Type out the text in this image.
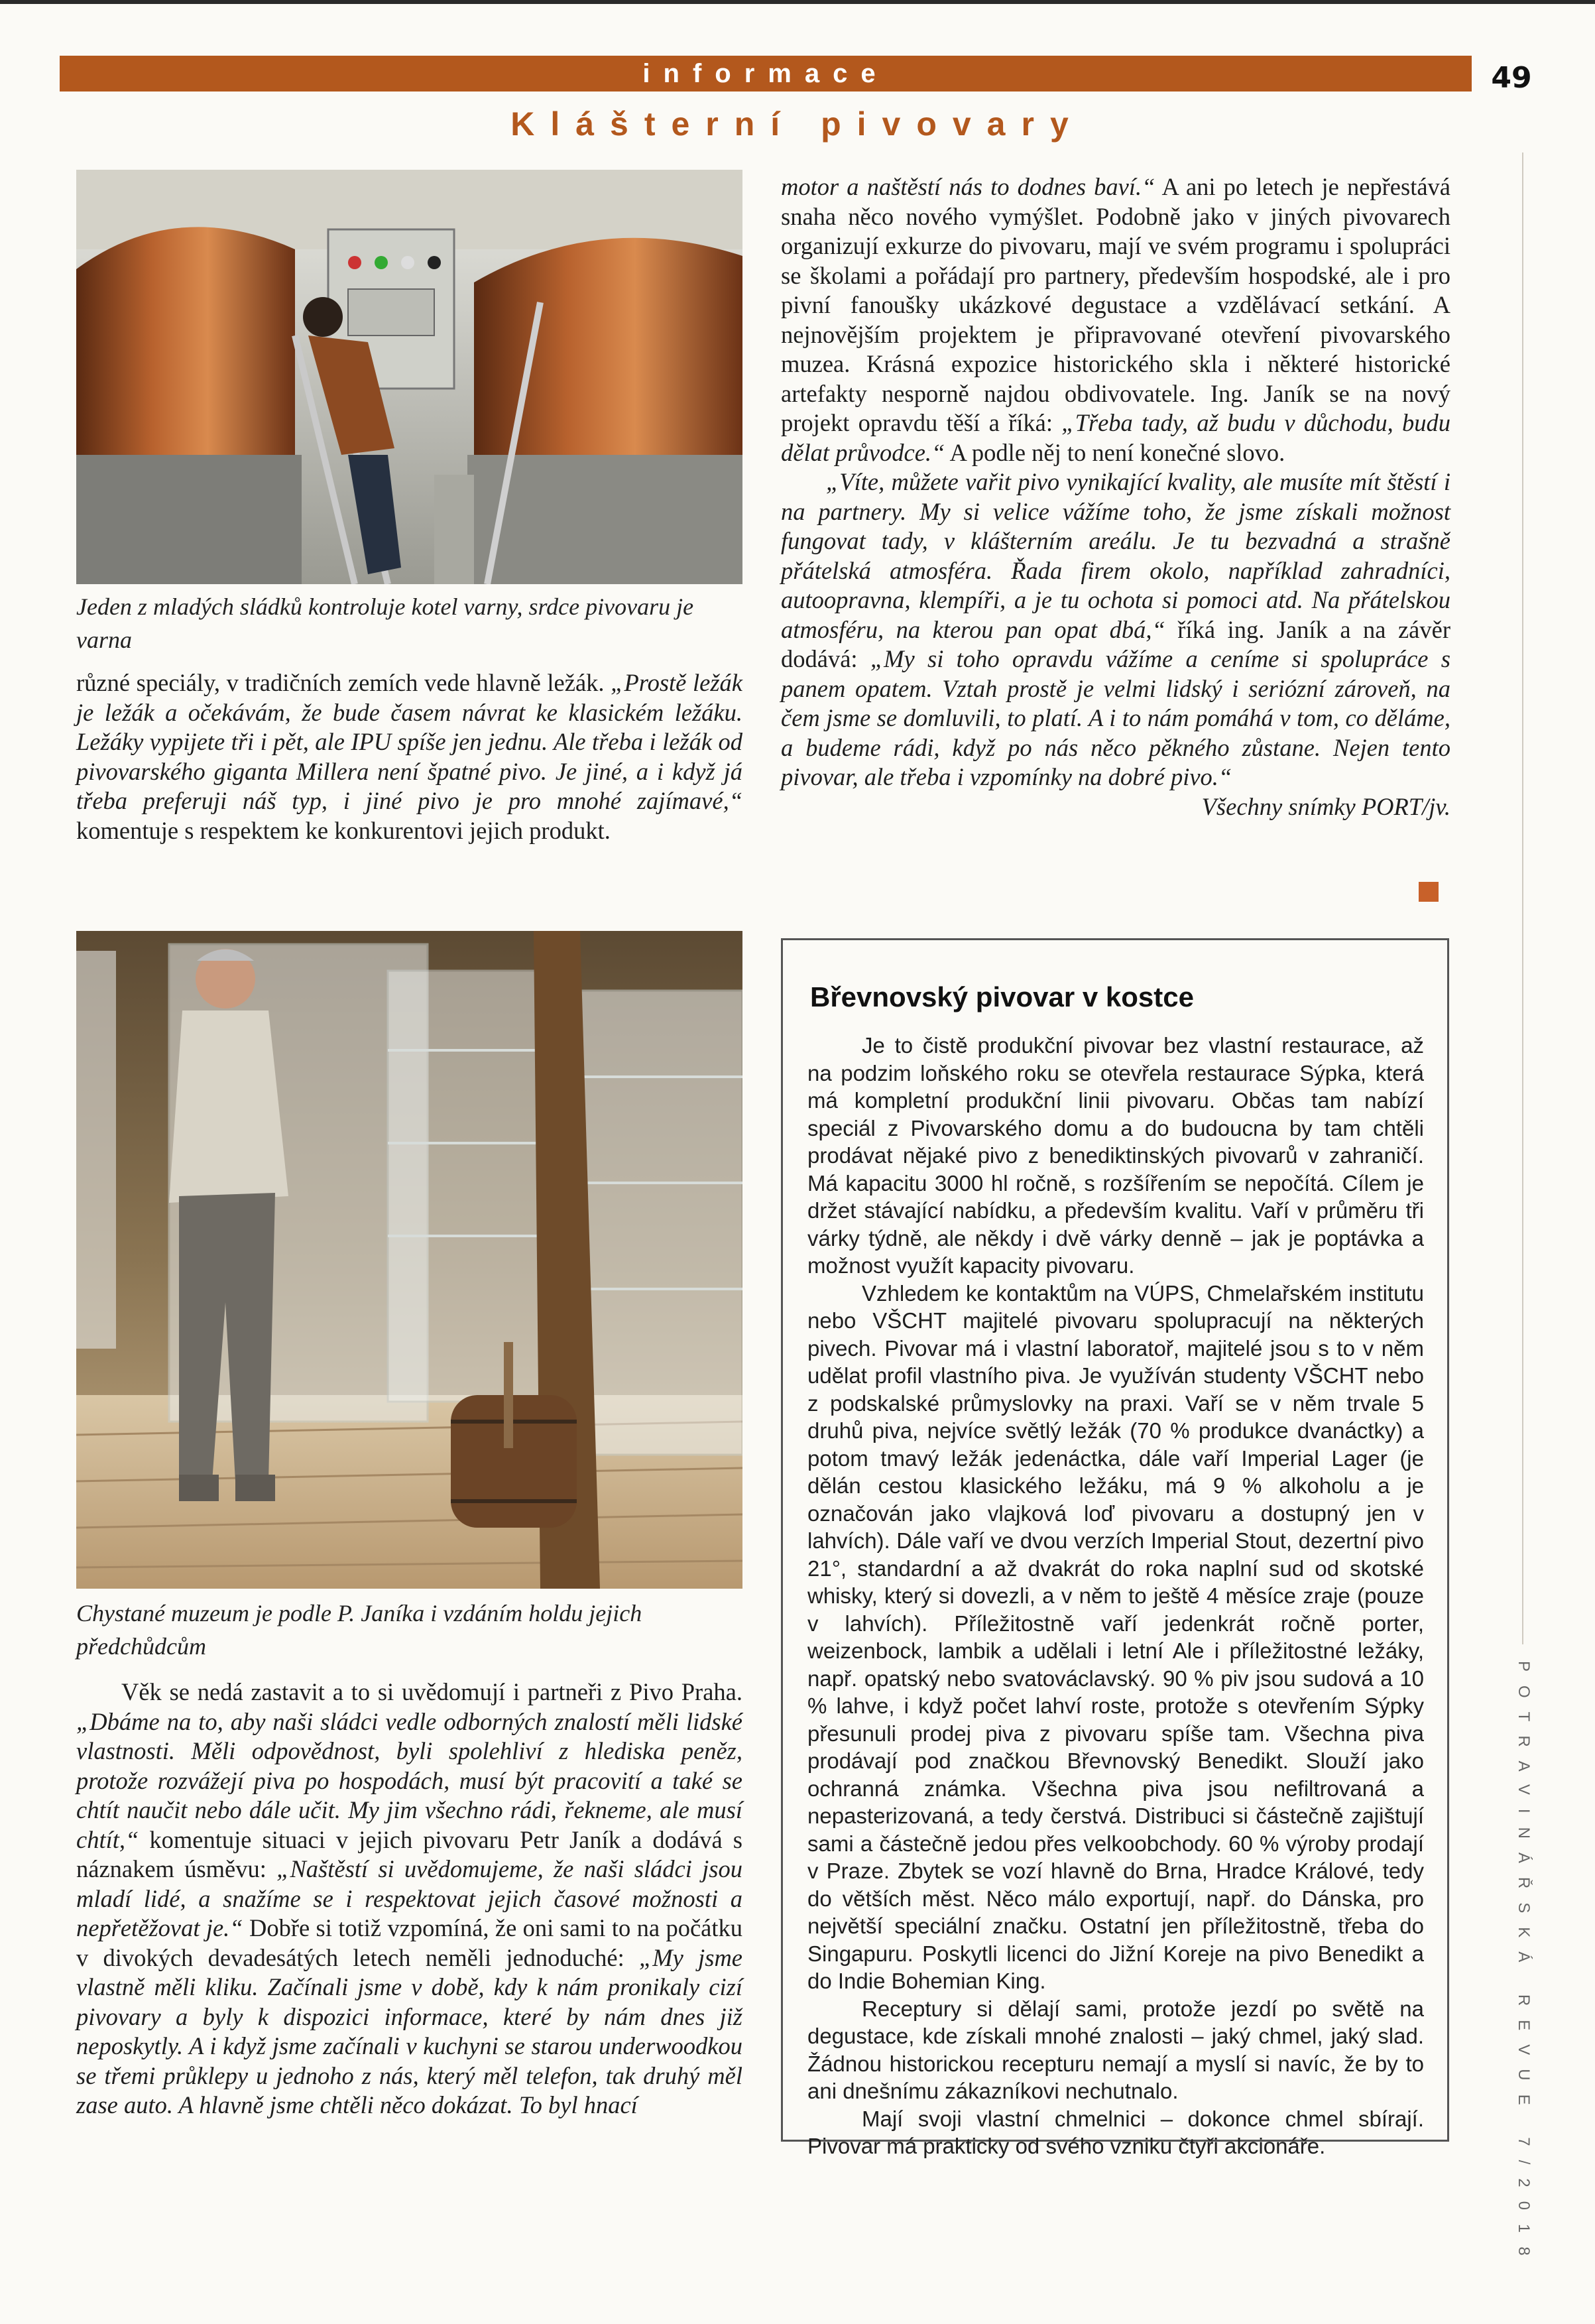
informace	49
Klášterní pivovary
Jeden z mladých sládků kontroluje kotel varny, srdce pivovaru je varna

různé speciály, v tradičních zemích vede hlavně ležák. „Prostě ležák je ležák a očekávám, že bude časem návrat ke klasickém ležáku. Ležáky vypijete tři i pět, ale IPU spíše jen jednu. Ale třeba i ležák od pivovarského giganta Millera není špatné pivo. Je jiné, a i když já třeba preferuji náš typ, i jiné pivo je pro mnohé zajímavé,“ komentuje s respektem ke konkurentovi jejich produkt.

Chystané muzeum je podle P. Janíka i vzdáním holdu jejich předchůdcům

Věk se nedá zastavit a to si uvědomují i partneři z Pivo Praha. „Dbáme na to, aby naši sládci vedle odborných znalostí měli lidské vlastnosti. Měli odpovědnost, byli spolehliví z hlediska peněz, protože rozvážejí piva po hospodách, musí být pracovití a také se chtít naučit nebo dále učit. My jim všechno rádi, řekneme, ale musí chtít,“ komentuje situaci v jejich pivovaru Petr Janík a dodává s náznakem úsměvu: „Naštěstí si uvědomujeme, že naši sládci jsou mladí lidé, a snažíme se i respektovat jejich časové možnosti a nepřetěžovat je.“ Dobře si totiž vzpomíná, že oni sami to na počátku v divokých devadesátých letech neměli jednoduché: „My jsme vlastně měli kliku. Začínali jsme v době, kdy k nám pronikaly cizí pivovary a byly k dispozici informace, které by nám dnes již neposkytly. A i když jsme začínali v kuchyni se starou underwoodkou se třemi průklepy u jednoho z nás, který měl telefon, tak druhý měl zase auto. A hlavně jsme chtěli něco dokázat. To byl hnací

motor a naštěstí nás to dodnes baví.“ A ani po letech je nepřestává snaha něco nového vymýšlet. Podobně jako v jiných pivovarech organizují exkurze do pivovaru, mají ve svém programu i spolupráci se školami a pořádají pro partnery, především hospodské, ale i pro pivní fanoušky ukázkové degustace a vzdělávací setkání. A nejnovějším projektem je připravované otevření pivovarského muzea. Krásná expozice historického skla i některé historické artefakty nesporně najdou obdivovatele. Ing. Janík se na nový projekt opravdu těší a říká: „Třeba tady, až budu v důchodu, budu dělat průvodce.“ A podle něj to není konečné slovo.

„Víte, můžete vařit pivo vynikající kvality, ale musíte mít štěstí i na partnery. My si velice vážíme toho, že jsme získali možnost fungovat tady, v klášterním areálu. Je tu bezvadná a strašně přátelská atmosféra. Řada firem okolo, například zahradníci, autoopravna, klempíři, a je tu ochota si pomoci atd. Na přátelskou atmosféru, na kterou pan opat dbá,“ říká ing. Janík a na závěr dodává: „My si toho opravdu vážíme a ceníme si spolupráce s panem opatem. Vztah prostě je velmi lidský i seriózní zároveň, na čem jsme se domluvili, to platí. A i to nám pomáhá v tom, co děláme, a budeme rádi, když po nás něco pěkného zůstane. Nejen tento pivovar, ale třeba i vzpomínky na dobré pivo.“

Všechny snímky PORT/jv.
Břevnovský pivovar v kostce

Je to čistě produkční pivovar bez vlastní restaurace, až na podzim loňského roku se otevřela restaurace Sýpka, která má kompletní produkční linii pivovaru. Občas tam nabízí speciál z Pivovarského domu a do budoucna by tam chtěli prodávat nějaké pivo z benediktinských pivovarů v zahraničí. Má kapacitu 3000 hl ročně, s rozšířením se nepočítá. Cílem je držet stávající nabídku, a především kvalitu. Vaří v průměru tři várky týdně, ale někdy i dvě várky denně – jak je poptávka a možnost využít kapacity pivovaru.

Vzhledem ke kontaktům na VÚPS, Chmelařském institutu nebo VŠCHT majitelé pivovaru spolupracují na některých pivech. Pivovar má i vlastní laboratoř, majitelé jsou s to v něm udělat profil vlastního piva. Je využíván studenty VŠCHT nebo z podskalské průmyslovky na praxi. Vaří se v něm trvale 5 druhů piva, nejvíce světlý ležák (70 % produkce dvanáctky) a potom tmavý ležák jedenáctka, dále vaří Imperial Lager (je dělán cestou klasického ležáku, má 9 % alkoholu a je označován jako vlajková loď pivovaru a dostupný jen v lahvích). Dále vaří ve dvou verzích Imperial Stout, dezertní pivo 21°, standardní a až dvakrát do roka naplní sud od skotské whisky, který si dovezli, a v něm to ještě 4 měsíce zraje (pouze v lahvích). Příležitostně vaří jedenkrát ročně porter, weizenbock, lambik a udělali i letní Ale i příležitostné ležáky, např. opatský nebo svatováclavský. 90 % piv jsou sudová a 10 % lahve, i když počet lahví roste, protože s otevřením Sýpky přesunuli prodej piva z pivovaru spíše tam. Všechna piva prodávají pod značkou Břevnovský Benedikt. Slouží jako ochranná známka. Všechna piva jsou nefiltrovaná a nepasterizovaná, a tedy čerstvá. Distribuci si částečně zajištují sami a částečně jedou přes velkoobchody. 60 % výroby prodají v Praze. Zbytek se vozí hlavně do Brna, Hradce Králové, tedy do větších měst. Něco málo exportují, např. do Dánska, pro největší speciální značku. Ostatní jen příležitostně, třeba do Singapuru. Poskytli licenci do Jižní Koreje na pivo Benedikt a do Indie Bohemian King.

Receptury si dělají sami, protože jezdí po světě na degustace, kde získali mnohé znalosti – jaký chmel, jaký slad. Žádnou historickou recepturu nemají a myslí si navíc, že by to ani dnešnímu zákazníkovi nechutnalo.

Mají svoji vlastní chmelnici – dokonce chmel sbírají. Pivovar má prakticky od svého vzniku čtyři akcionáře.	POTRAVINÁŘSKÁ REVUE 7/2018
